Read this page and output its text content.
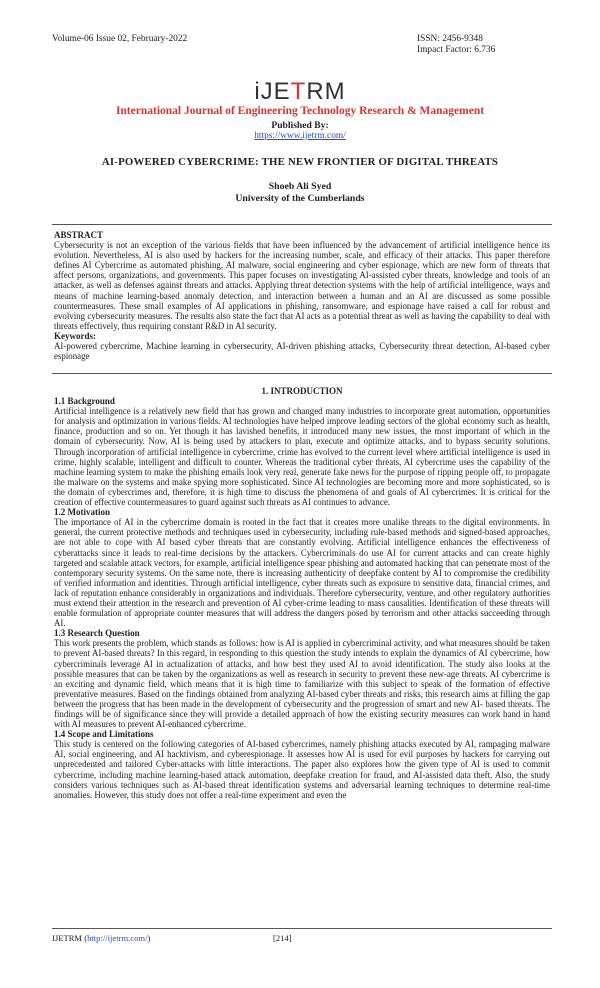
Volume-06 Issue 02, February-2022	ISSN: 2456-9348
Impact Factor: 6.736
iJETRM
International Journal of Engineering Technology Research & Management
Published By:
https://www.ijetrm.com/
AI-POWERED CYBERCRIME: THE NEW FRONTIER OF DIGITAL THREATS
Shoeb Ali Syed
University of the Cumberlands
ABSTRACT
Cybersecurity is not an exception of the various fields that have been influenced by the advancement of artificial intelligence hence its evolution. Nevertheless, AI is also used by hackers for the increasing number, scale, and efficacy of their attacks. This paper therefore defines AI Cybercrime as automated phishing, AI malware, social engineering and cyber espionage, which are new form of threats that affect persons, organizations, and governments. This paper focuses on investigating AI-assisted cyber threats, knowledge and tools of an attacker, as well as defenses against threats and attacks. Applying threat detection systems with the help of artificial intelligence, ways and means of machine learning-based anomaly detection, and interaction between a human and an AI are discussed as some possible countermeasures. These small examples of AI applications in phishing, ransomware, and espionage have raised a call for robust and evolving cybersecurity measures. The results also state the fact that AI acts as a potential threat as well as having the capability to deal with threats effectively, thus requiring constant R&D in AI security.
Keywords:
AI-powered cybercrime, Machine learning in cybersecurity, AI-driven phishing attacks, Cybersecurity threat detection, AI-based cyber espionage
1. INTRODUCTION
1.1 Background
Artificial intelligence is a relatively new field that has grown and changed many industries to incorporate great automation, opportunities for analysis and optimization in various fields. AI technologies have helped improve leading sectors of the global economy such as health, finance, production and so on. Yet though it has lavished benefits, it introduced many new issues, the most important of which in the domain of cybersecurity. Now, AI is being used by attackers to plan, execute and optimize attacks, and to bypass security solutions. Through incorporation of artificial intelligence in cybercrime, crime has evolved to the current level where artificial intelligence is used in crime, highly scalable, intelligent and difficult to counter. Whereas the traditional cyber threats, AI cybercrime uses the capability of the machine learning system to make the phishing emails look very real, generate fake news for the purpose of ripping people off, to propagate the malware on the systems and make spying more sophisticated. Since AI technologies are becoming more and more sophisticated, so is the domain of cybercrimes and, therefore, it is high time to discuss the phenomena of and goals of AI cybercrimes. It is critical for the creation of effective countermeasures to guard against such threats as AI continues to advance.
1.2 Motivation
The importance of AI in the cybercrime domain is rooted in the fact that it creates more unalike threats to the digital environments. In general, the current protective methods and techniques used in cybersecurity, including rule-based methods and signed-based approaches, are not able to cope with AI based cyber threats that are constantly evolving. Artificial intelligence enhances the effectiveness of cyberattacks since it leads to real-time decisions by the attackers. Cybercriminals do use AI for current attacks and can create highly targeted and scalable attack vectors, for example, artificial intelligence spear phishing and automated hacking that can penetrate most of the contemporary security systems. On the same note, there is increasing authenticity of deepfake content by AI to compromise the credibility of verified information and identities. Through artificial intelligence, cyber threats such as exposure to sensitive data, financial crimes, and lack of reputation enhance considerably in organizations and individuals. Therefore cybersecurity, venture, and other regulatory authorities must extend their attention in the research and prevention of AI cyber-crime leading to mass causalities. Identification of these threats will enable formulation of appropriate counter measures that will address the dangers posed by terrorism and other attacks succeeding through AI.
1.3 Research Question
This work presents the problem, which stands as follows: how is AI is applied in cybercriminal activity, and what measures should be taken to prevent AI-based threats? In this regard, in responding to this question the study intends to explain the dynamics of AI cybercrime, how cybercriminals leverage AI in actualization of attacks, and how best they used AI to avoid identification. The study also looks at the possible measures that can be taken by the organizations as well as research in security to prevent these new-age threats. AI cybercrime is an exciting and dynamic field, which means that it is high time to familiarize with this subject to speak of the formation of effective preventative measures. Based on the findings obtained from analyzing AI-based cyber threats and risks, this research aims at filling the gap between the progress that has been made in the development of cybersecurity and the progression of smart and new AI- based threats. The findings will be of significance since they will provide a detailed approach of how the existing security measures can work hand in hand with AI measures to prevent AI-enhanced cybercrime.
1.4 Scope and Limitations
This study is centered on the following categories of AI-based cybercrimes, namely phishing attacks executed by AI, rampaging malware AI, social engineering, and AI hacktivism, and cyberespionage. It assesses how AI is used for evil purposes by hackers for carrying out unprecedented and tailored Cyber-attacks with little interactions. The paper also explores how the given type of AI is used to commit cybercrime, including machine learning-based attack automation, deepfake creation for fraud, and AI-assisted data theft. Also, the study considers various techniques such as AI-based threat identification systems and adversarial learning techniques to determine real-time anomalies. However, this study does not offer a real-time experiment and even the
IJETRM (http://ijetrm.com/)	[214]
